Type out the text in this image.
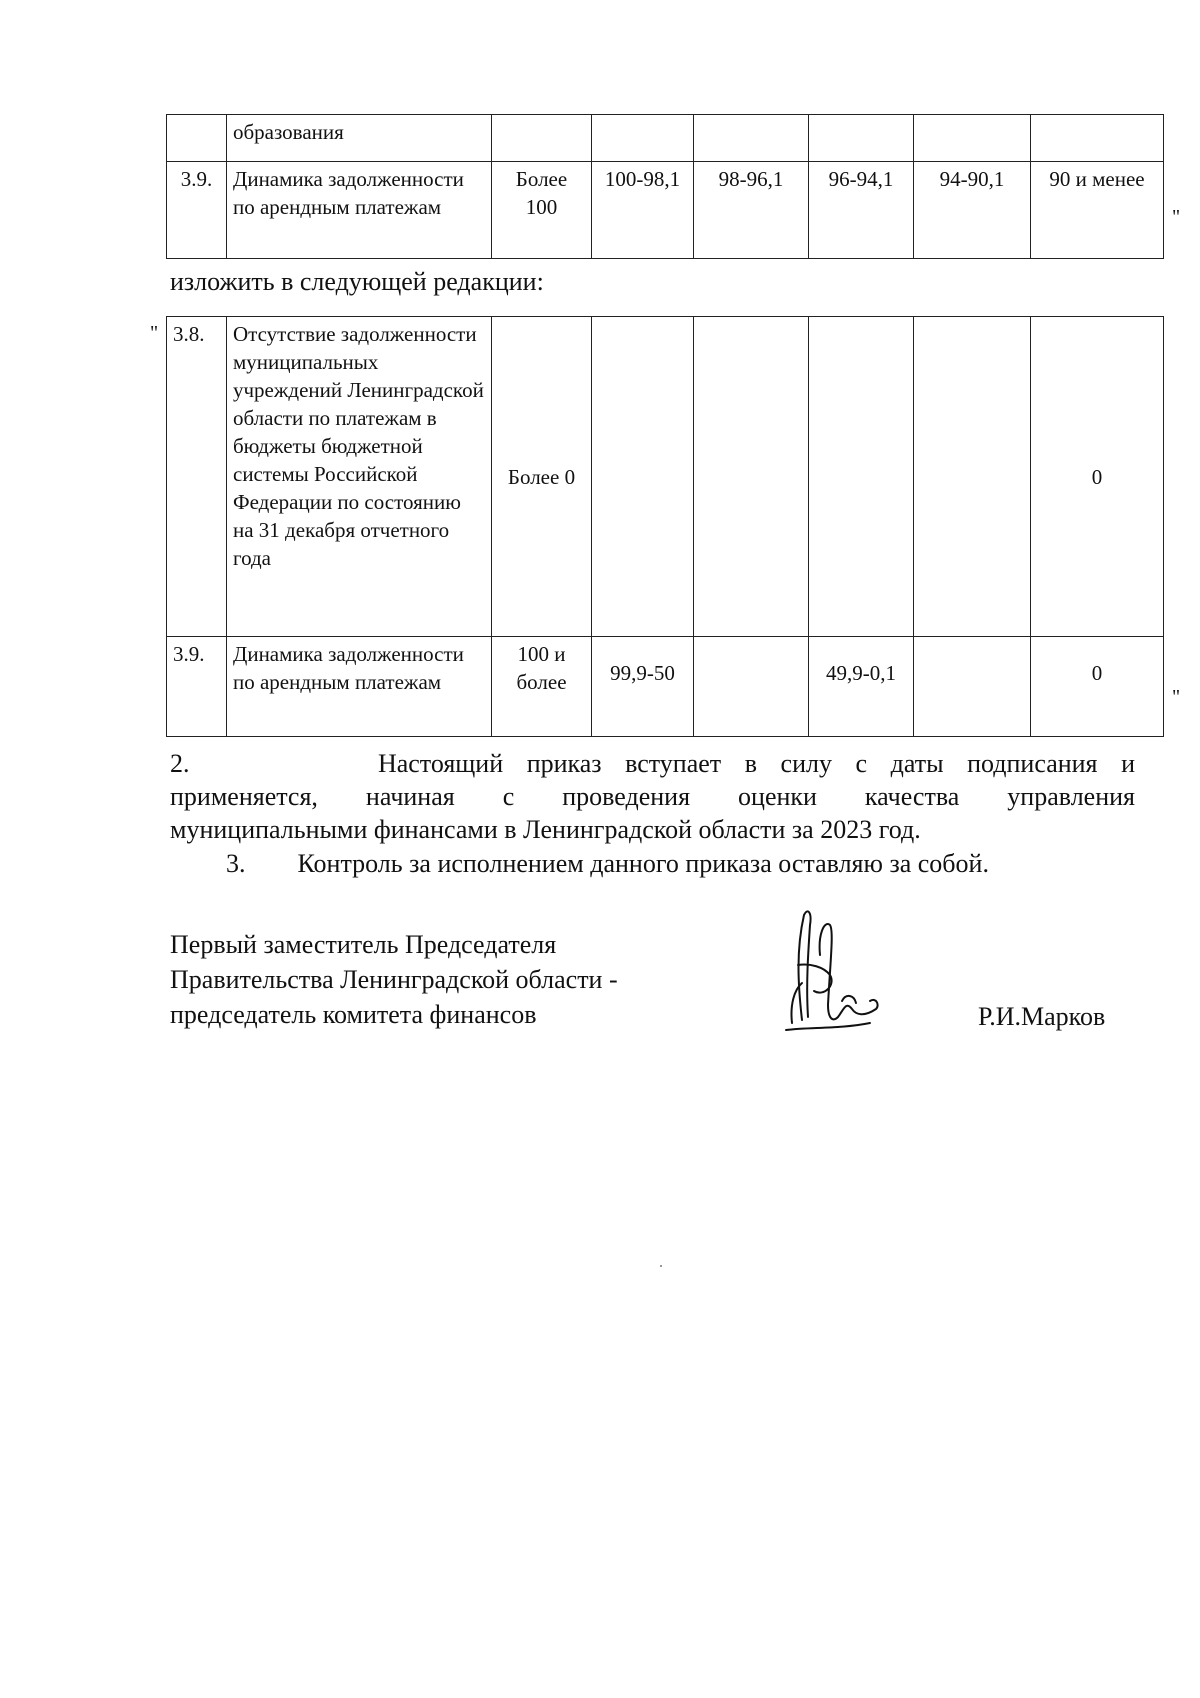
	образования						
3.9.	Динамика задолженности по арендным платежам	Более 100	100-98,1	98-96,1	96-94,1	94-90,1	90 и менее
"
изложить в следующей редакции:
" 3.8.	Отсутствие задолженности муниципальных учреждений Ленинградской области по платежам в бюджеты бюджетной системы Российской Федерации по состоянию на 31 декабря отчетного года	Более 0					0
3.9.	Динамика задолженности по арендным платежам	100 и более	99,9-50		49,9-0,1		0
"
2.        Настоящий приказ вступает в силу с даты подписания и
применяется, начиная с проведения оценки качества управления
муниципальными финансами в Ленинградской области за 2023 год.
3.        Контроль за исполнением данного приказа оставляю за собой.
Первый заместитель Председателя
Правительства Ленинградской области -
председатель комитета финансов	Р.И.Марков
